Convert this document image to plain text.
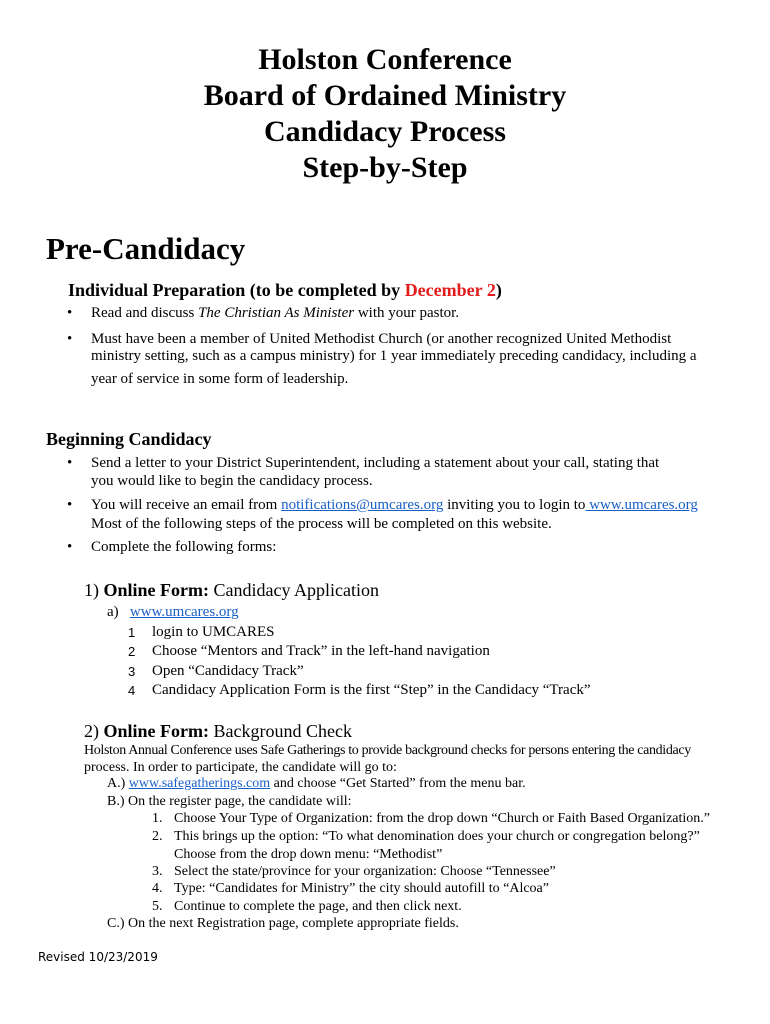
Holston Conference
Board of Ordained Ministry
Candidacy Process
Step-by-Step
Pre-Candidacy
Individual Preparation (to be completed by December 2)
• Read and discuss The Christian As Minister with your pastor.
• Must have been a member of United Methodist Church (or another recognized United Methodist
ministry setting, such as a campus ministry) for 1 year immediately preceding candidacy, including a
year of service in some form of leadership.
Beginning Candidacy
• Send a letter to your District Superintendent, including a statement about your call, stating that
you would like to begin the candidacy process.
• You will receive an email from notifications@umcares.org inviting you to login to www.umcares.org
Most of the following steps of the process will be completed on this website.
• Complete the following forms:
1) Online Form: Candidacy Application
a) www.umcares.org
1 login to UMCARES
2 Choose “Mentors and Track” in the left-hand navigation
3 Open “Candidacy Track”
4 Candidacy Application Form is the first “Step” in the Candidacy “Track”
2) Online Form: Background Check
Holston Annual Conference uses Safe Gatherings to provide background checks for persons entering the candidacy
process. In order to participate, the candidate will go to:
A.) www.safegatherings.com and choose “Get Started” from the menu bar.
B.) On the register page, the candidate will:
1. Choose Your Type of Organization: from the drop down “Church or Faith Based Organization.”
2. This brings up the option: “To what denomination does your church or congregation belong?”
Choose from the drop down menu: “Methodist”
3. Select the state/province for your organization: Choose “Tennessee”
4. Type: “Candidates for Ministry” the city should autofill to “Alcoa”
5. Continue to complete the page, and then click next.
C.) On the next Registration page, complete appropriate fields.
Revised 10/23/2019
